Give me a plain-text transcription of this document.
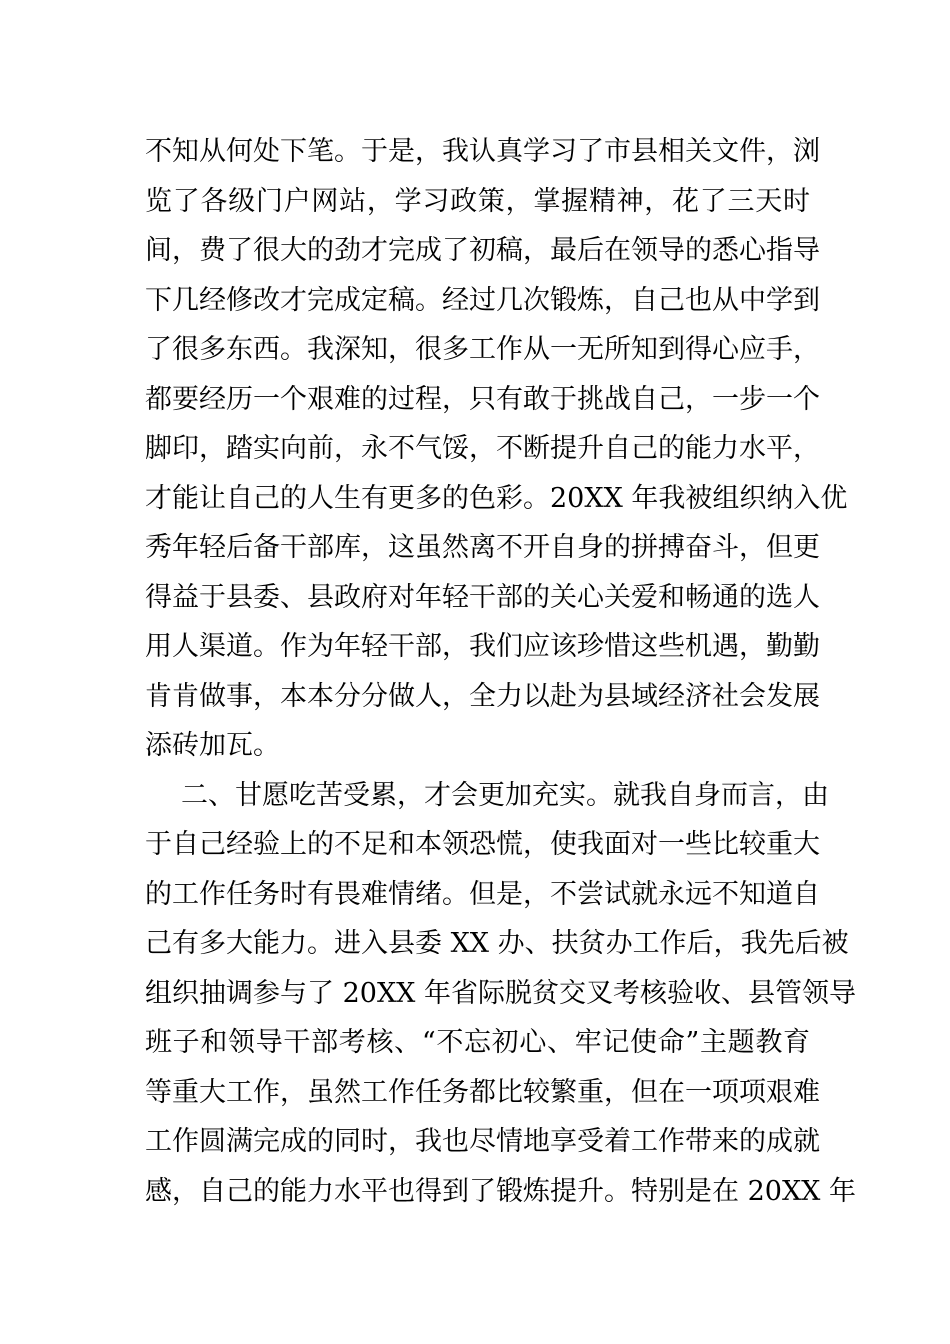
不知从何处下笔。于是，我认真学习了市县相关文件，浏
览了各级门户网站，学习政策，掌握精神，花了三天时
间，费了很大的劲才完成了初稿，最后在领导的悉心指导
下几经修改才完成定稿。经过几次锻炼，自己也从中学到
了很多东西。我深知，很多工作从一无所知到得心应手，
都要经历一个艰难的过程，只有敢于挑战自己，一步一个
脚印，踏实向前，永不气馁，不断提升自己的能力水平，
才能让自己的人生有更多的色彩。20XX 年我被组织纳入优
秀年轻后备干部库，这虽然离不开自身的拼搏奋斗，但更
得益于县委、县政府对年轻干部的关心关爱和畅通的选人
用人渠道。作为年轻干部，我们应该珍惜这些机遇，勤勤
肯肯做事，本本分分做人，全力以赴为县域经济社会发展
添砖加瓦。
二、甘愿吃苦受累，才会更加充实。就我自身而言，由
于自己经验上的不足和本领恐慌，使我面对一些比较重大
的工作任务时有畏难情绪。但是，不尝试就永远不知道自
己有多大能力。进入县委 XX 办、扶贫办工作后，我先后被
组织抽调参与了 20XX 年省际脱贫交叉考核验收、县管领导
班子和领导干部考核、“不忘初心、牢记使命”主题教育
等重大工作，虽然工作任务都比较繁重，但在一项项艰难
工作圆满完成的同时，我也尽情地享受着工作带来的成就
感，自己的能力水平也得到了锻炼提升。特别是在 20XX 年
